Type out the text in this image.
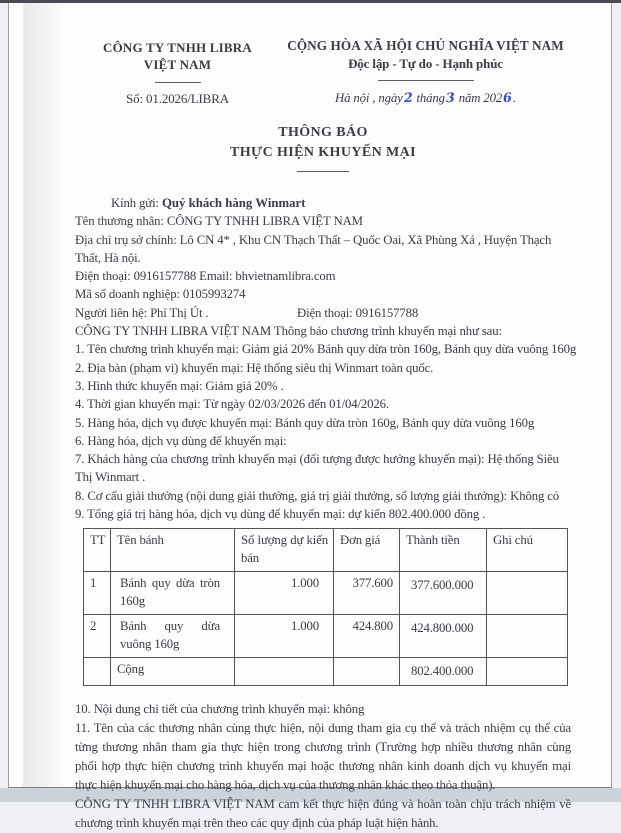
CÔNG TY TNHH LIBRA
VIỆT NAM
Số: 01.2026/LIBRA
CỘNG HÒA XÃ HỘI CHỦ NGHĨA VIỆT NAM
Độc lập - Tự do - Hạnh phúc
Hà nội , ngày2 tháng3 năm 2026.
THÔNG BÁO
THỰC HIỆN KHUYẾN MẠI

Kính gửi: Quý khách hàng Winmart

Tên thương nhân: CÔNG TY TNHH LIBRA VIỆT NAM

Địa chỉ trụ sở chính: Lô CN 4* , Khu CN Thạch Thất – Quốc Oai, Xã Phùng Xá , Huyện Thạch Thất, Hà nội.

Điện thoại: 0916157788 Email: bhvietnamlibra.com

Mã số doanh nghiệp: 0105993274

Người liên hệ: Phí Thị Út .	Điện thoại: 0916157788

CÔNG TY TNHH LIBRA VIỆT NAM Thông báo chương trình khuyến mại như sau:

1. Tên chương trình khuyến mại: Giảm giá 20% Bánh quy dừa tròn 160g, Bánh quy dừa vuông 160g

2. Địa bàn (phạm vi) khuyến mại: Hệ thống siêu thị Winmart toàn quốc.

3. Hình thức khuyến mại: Giảm giá 20% .

4. Thời gian khuyến mại: Từ ngày 02/03/2026 đến 01/04/2026.

5. Hàng hóa, dịch vụ được khuyến mại: Bánh quy dừa tròn 160g, Bánh quy dừa vuông 160g

6. Hàng hóa, dịch vụ dùng để khuyến mại:

7. Khách hàng của chương trình khuyến mại (đối tượng được hưởng khuyến mại): Hệ thống Siêu Thị Winmart .

8. Cơ cấu giải thưởng (nội dung giải thưởng, giá trị giải thưởng, số lượng giải thưởng): Không có

9. Tổng giá trị hàng hóa, dịch vụ dùng để khuyến mại: dự kiến 802.400.000 đồng .

TT	Tên bánh	Số lượng dự kiến bán	Đơn giá	Thành tiền	Ghi chú
1	Bánh quy dừa tròn 160g	1.000	377.600	377.600.000	
2	Bánh quy dừa vuông 160g	1.000	424.800	424.800.000	
	Cộng			802.400.000	

10. Nội dung chi tiết của chương trình khuyến mại: không

11. Tên của các thương nhân cùng thực hiện, nội dung tham gia cụ thể và trách nhiệm cụ thể của từng thương nhân tham gia thực hiện trong chương trình (Trường hợp nhiều thương nhân cùng phối hợp thực hiện chương trình khuyến mại hoặc thương nhân kinh doanh dịch vụ khuyến mại thực hiện khuyến mại cho hàng hóa, dịch vụ của thương nhân khác theo thỏa thuận).

CÔNG TY TNHH LIBRA VIỆT NAM cam kết thực hiện đúng và hoàn toàn chịu trách nhiệm về chương trình khuyến mại trên theo các quy định của pháp luật hiện hành.
